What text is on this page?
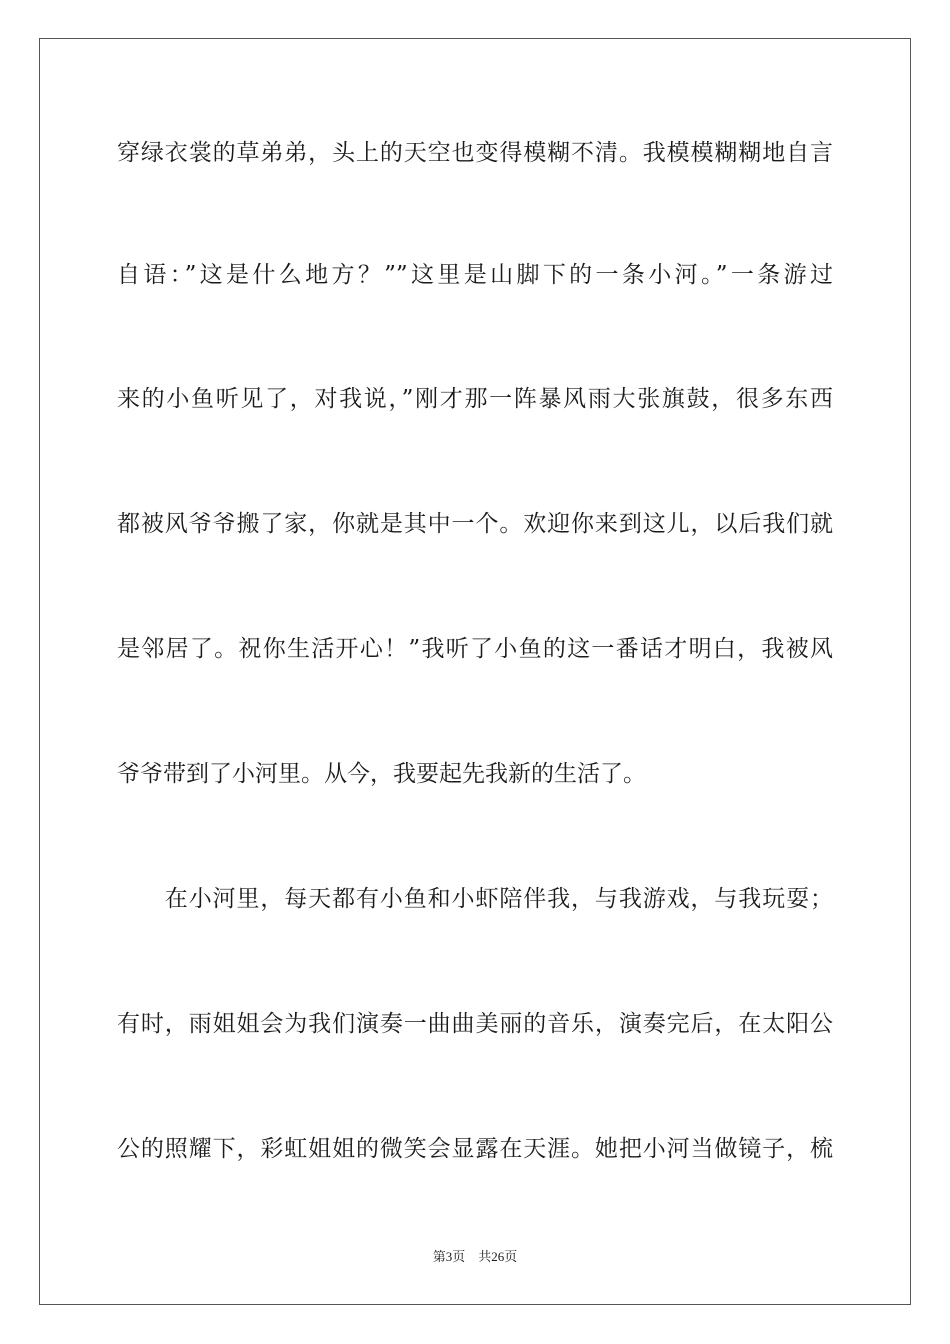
穿绿衣裳的草弟弟，头上的天空也变得模糊不清。我模模糊糊地自言
自语：”这是什么地方？””这里是山脚下的一条小河。”一条游过
来的小鱼听见了，对我说，”刚才那一阵暴风雨大张旗鼓，很多东西
都被风爷爷搬了家，你就是其中一个。欢迎你来到这儿，以后我们就
是邻居了。祝你生活开心！”我听了小鱼的这一番话才明白，我被风
爷爷带到了小河里。从今，我要起先我新的生活了。
　　在小河里，每天都有小鱼和小虾陪伴我，与我游戏，与我玩耍；
有时，雨姐姐会为我们演奏一曲曲美丽的音乐，演奏完后，在太阳公
公的照耀下，彩虹姐姐的微笑会显露在天涯。她把小河当做镜子，梳
第3页　共26页
